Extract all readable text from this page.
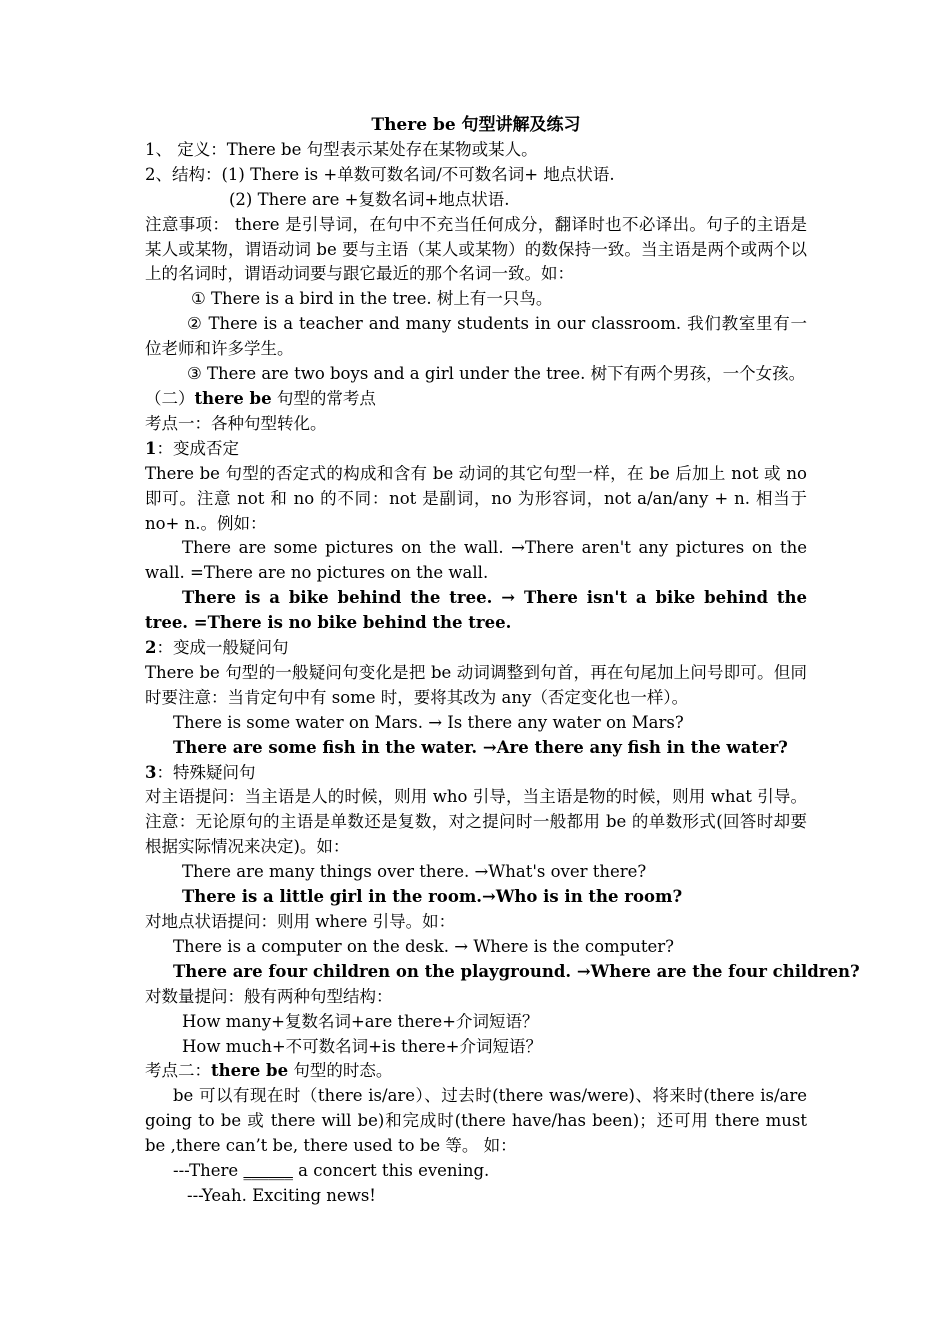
There be 句型讲解及练习
1、 定义：There be 句型表示某处存在某物或某人。
2、结构：(1) There is +单数可数名词/不可数名词+ 地点状语.
(2) There are +复数名词+地点状语.
注意事项： there 是引导词，在句中不充当任何成分，翻译时也不必译出。句子的主语是某人或某物，谓语动词 be 要与主语（某人或某物）的数保持一致。当主语是两个或两个以上的名词时，谓语动词要与跟它最近的那个名词一致。如：
① There is a bird in the tree. 树上有一只鸟。
② There is a teacher and many students in our classroom. 我们教室里有一位老师和许多学生。
③ There are two boys and a girl under the tree. 树下有两个男孩，一个女孩。
（二）there be 句型的常考点
考点一：各种句型转化。
1：变成否定
There be 句型的否定式的构成和含有 be 动词的其它句型一样，在 be 后加上 not 或 no 即可。注意 not 和 no 的不同：not 是副词，no 为形容词，not a/an/any + n. 相当于 no+ n.。例如：
There are some pictures on the wall. →There aren't any pictures on the wall. =There are no pictures on the wall.
There is a bike behind the tree. → There isn't a bike behind the tree. =There is no bike behind the tree.
2：变成一般疑问句
There be 句型的一般疑问句变化是把 be 动词调整到句首，再在句尾加上问号即可。但同时要注意：当肯定句中有 some 时，要将其改为 any（否定变化也一样）。
There is some water on Mars. → Is there any water on Mars?
There are some fish in the water. →Are there any fish in the water?
3：特殊疑问句
对主语提问：当主语是人的时候，则用 who 引导，当主语是物的时候，则用 what 引导。注意：无论原句的主语是单数还是复数，对之提问时一般都用 be 的单数形式(回答时却要根据实际情况来决定)。如：
There are many things over there. →What's over there?
There is a little girl in the room.→Who is in the room?
对地点状语提问：则用 where 引导。如：
There is a computer on the desk. → Where is the computer?
There are four children on the playground. →Where are the four children?
对数量提问：般有两种句型结构：
How many+复数名词+are there+介词短语？
How much+不可数名词+is there+介词短语？
考点二：there be 句型的时态。
be 可以有现在时（there is/are）、过去时(there was/were)、将来时(there is/are going to be 或 there will be)和完成时(there have/has been)；还可用 there must be ,there can’t be, there used to be 等。 如：
---There ______ a concert this evening.
---Yeah. Exciting news!
